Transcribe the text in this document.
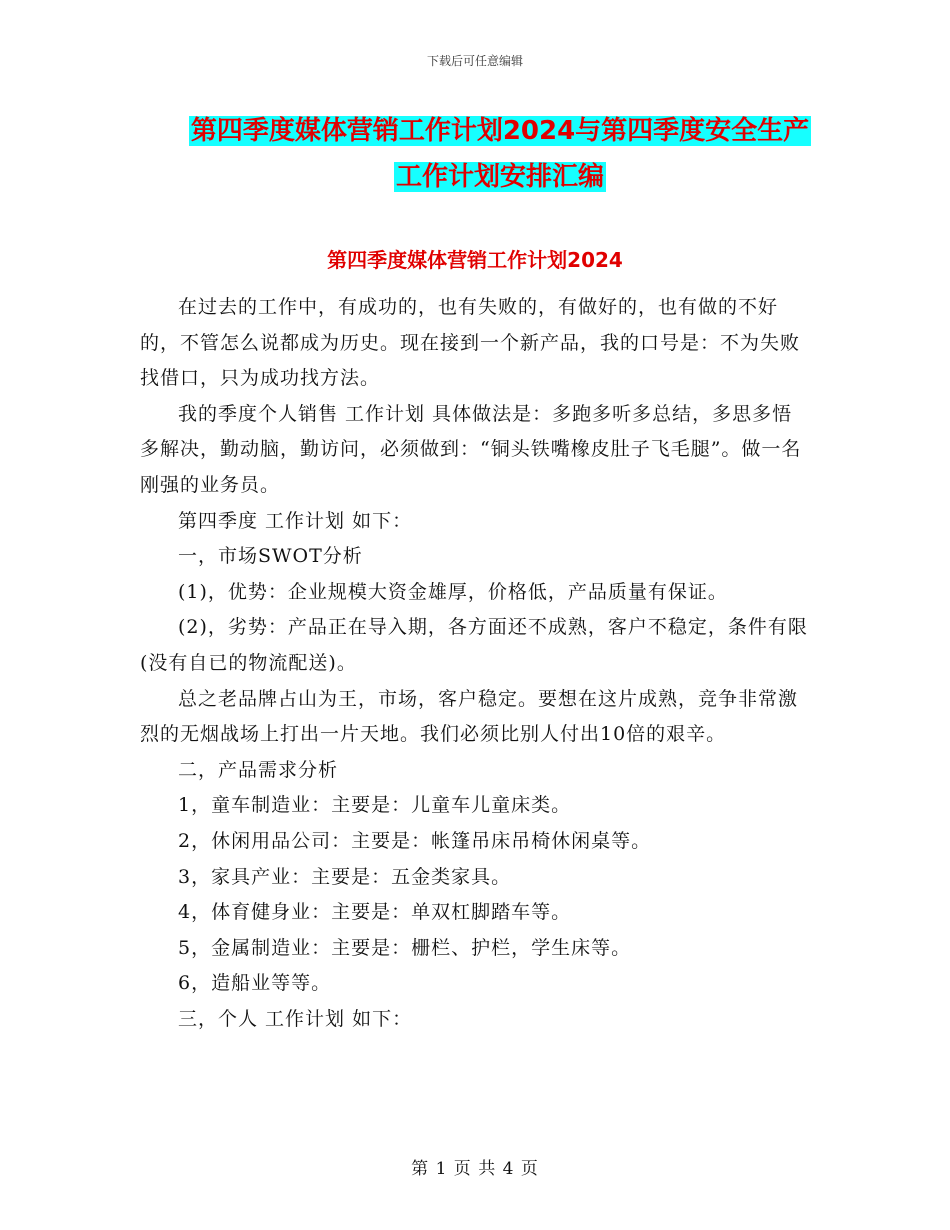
下载后可任意编辑
第四季度媒体营销工作计划2024与第四季度安全生产
工作计划安排汇编
第四季度媒体营销工作计划2024

在过去的工作中，有成功的，也有失败的，有做好的，也有做的不好的，不管怎么说都成为历史。现在接到一个新产品，我的口号是：不为失败找借口，只为成功找方法。

我的季度个人销售 工作计划 具体做法是：多跑多听多总结，多思多悟多解决，勤动脑，勤访问，必须做到：“铜头铁嘴橡皮肚子飞毛腿”。做一名刚强的业务员。

第四季度 工作计划 如下：

一，市场SWOT分析

(1)，优势：企业规模大资金雄厚，价格低，产品质量有保证。

(2)，劣势：产品正在导入期，各方面还不成熟，客户不稳定，条件有限(没有自已的物流配送)。

总之老品牌占山为王，市场，客户稳定。要想在这片成熟，竞争非常激烈的无烟战场上打出一片天地。我们必须比别人付出10倍的艰辛。

二，产品需求分析

1，童车制造业：主要是：儿童车儿童床类。

2，休闲用品公司：主要是：帐篷吊床吊椅休闲桌等。

3，家具产业：主要是：五金类家具。

4，体育健身业：主要是：单双杠脚踏车等。

5，金属制造业：主要是：栅栏、护栏，学生床等。

6，造船业等等。

三，个人 工作计划 如下：

第 1 页 共 4 页
